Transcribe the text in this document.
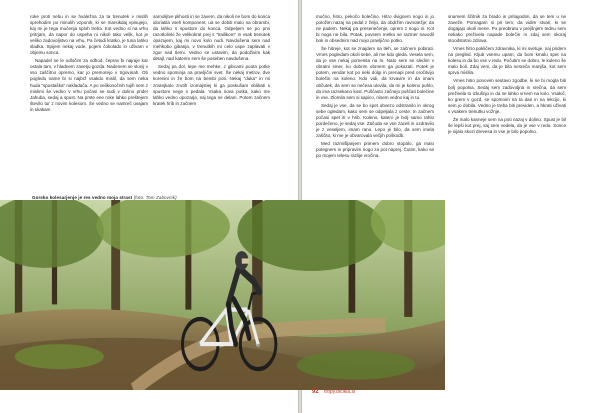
roke proti nebu in se hvaležna za ta trenutek v mislih sprehodim po minulih vzponih, ki se marsikdaj vpisujejo, kaj mi je tega mučenja sploh treba. Kot vedno si na vrhu pritrjam, da napor do uspeha ni nikoli tako velik, kot je veliko zadovoljstvo na vrhu. Pa četudi kratko, je tuna lahko sladka. Spijem nekaj vode, pojem čokolado in uživam v objemu sonca.

Napadel se le odločim za odhod, čeprav bi najraje kar ostala tam, v hladnem zavetju gozda. Nadenem se slonij v vso zaščitno opremo, kar jo premorejo v trgovinah. Ob pogledu name bi si najbrž vsakdo mislil, da sem neka huda "spustaška" nakladača. A po velikonočnih tujih sem z mislimi še vedno v vrhu počasi se sudi v dolino pride! Jahuba, sedaj a spust. Na prste ene roke lahko preštejem število tur z novim kolesom. Še vedno se namreč uvajam in skakam

sarnolijtve plihosti in se zavem, da nikoli ne bom do konca idoriatila vseh komponent, ua se dobiti malo na obrambi, da lahko s spustom do konca. Odpeljem se po prvi razotlolinki že velikokrat prej s "trailikom" in vsak trenutek opazujem, kaj mi novo kolo nudi. Navdušena sem nad mehkobo gibanja, v trenutkih mi celo uspe zaplavati v zgor nad tlemi. Vedno se ustavim, da podoživim kak detajl, nad katerim sem še poseben navdušena.

Sedaj pa dol, lepe me mehke, z gibcami pouta potke vedno spominja na pravljični svet. Še nekaj metrov, dve korenini in že bom na bembi poti. Nekaj "duka" in mi zmanjkalo zrutih izomajstiej ki ga poskušam oblikati s spustom nege s pedala. Vsaka nova potka, kako me lahko vedno opozarja, naj tega ne delam. Potem začnem kratek hrib in začnem

Gorsko kolesarjenje je res vedno moja strast (foto: Tom Zabovnik)

močno, hitro, pekočo bolečino. Hitro dvignem nogo in jo položim nazaj na pedal z željo, da obdržim ravnotežje; da ne padem. Nekaj pa presenečenje, oprem z nogo ni. Kot bi noga ne bila. Potak, povsem metko se razmer navodil bok in obsednim nad mojo pravljično potko.

Še hitreje, kot se znajdem na tleh, se začnem pobirati. Vmes pogledam okoli sebe, ali me kdo gleda. Vesela sem, da je vse nekaj pomenita na to. Nato sem se sledim v obratni smer, ko dobrim obrnem ga pokazati. Potek je potem, vendar kot po neki dolgi in prenapi pred oročitvijo bolečin na koleno. Kdo vidi, da krvavim in da imam občutek, da sem se nečesa ulovila, da mi je koleno puhlo, da ima razsekano kost. Puščasto začnejo puščati bolečine in vse. Zlomila sem si sapico, nisem vedno kaj in tu.

Sedaj je vse, da se bo spet obvezo odstranilo in okrog sebe ogledam, kako sem se odpeljala z ceste. In začnem počasi spet iti v hrib. Koleno, katero je bolj samo rahlo pordečeno, je sedaj vse. Začuda se vse zaceli in ozdravilo je z veseljem, imam rano. Lepo je bilo, da sem imela zaščito, ki me je obvarovala večjih poškodb.

Med razmišljanjem primem dobro stopalo, ga malo potegnem in pripravim nogo za pot naprej. Čutim, kako se po mojem telesu razlije vročina.

snamem ščitnik za brado in prilagodim, da se tem u ne zaveže. Pomagam si pri tem, da vidim stvari, ki se dogajajo okoli mene. Po preobratu v prejšnjem tednu sem nekako preživela napade bolečin in zdaj sem skoraj stoodstotno zdrava.

Vmes hitro pokličem zdravnika, ki mi svetuje, naj pridem na pregled. Kljub vsemu upam, da bom kmalu spet na kolesu in da bo vse v redu. Počutim se dobro, le koleno še malo boli. Zdaj vem, da je bila nesreča manjša, kot sem sprva mislila.

Vmes hitro ponovim sestavo zgodbe, ki ne bi mogla biti bolj popolna. Sedaj sem zadovoljna in srečna, da sem preživela to izkušnjo in da se lahko vrnem na kolo. Vsakič, ko grem v gozd, se spomnim na ta dan in na lekcijo, ki sem jo dobila. Vedno je treba biti previden, a hkrati uživati v vsakem trenutku vožnje.

Že malo kasneje sem na poti nazaj v dolino. Spust je bil še lepši kot prej, saj sem vedela, da je vse v redu. Sonce je sijalo skozi drevesa in vse je bilo popolno.

92 tropy.bicikla.si
